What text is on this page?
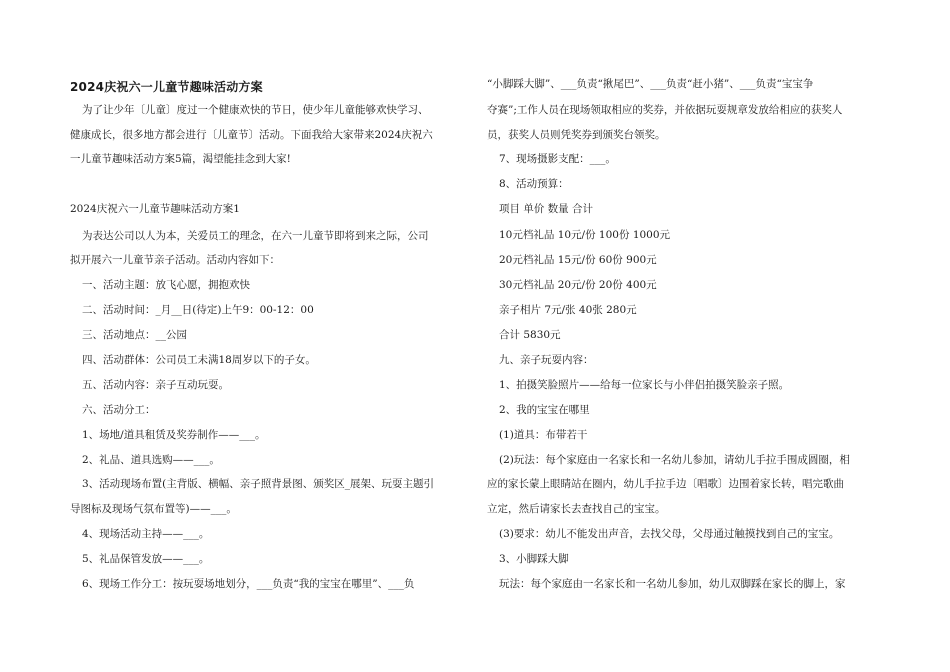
2024庆祝六一儿童节趣味活动方案
为了让少年〔儿童〕度过一个健康欢快的节日，使少年儿童能够欢快学习、
健康成长，很多地方都会进行〔儿童节〕活动。下面我给大家带来2024庆祝六
一儿童节趣味活动方案5篇，渴望能挂念到大家!
2024庆祝六一儿童节趣味活动方案1
为表达公司以人为本，关爱员工的理念，在六一儿童节即将到来之际，公司
拟开展六一儿童节亲子活动。活动内容如下：
一、活动主题：放飞心愿，拥抱欢快
二、活动时间：_月__日(待定)上午9：00-12：00
三、活动地点：__公园
四、活动群体：公司员工未满18周岁以下的子女。
五、活动内容：亲子互动玩耍。
六、活动分工：
1、场地/道具租赁及奖券制作——___。
2、礼品、道具选购——___。
3、活动现场布置(主背版、横幅、亲子照背景图、颁奖区_展架、玩耍主题引
导图标及现场气氛布置等)——___。
4、现场活动主持——___。
5、礼品保管发放——___。
6、现场工作分工：按玩耍场地划分，___负责“我的宝宝在哪里”、___负
“小脚踩大脚”、___负责“揪尾巴”、___负责“赶小猪”、___负责“宝宝争
夺赛”;工作人员在现场领取相应的奖券，并依据玩耍规章发放给相应的获奖人
员，获奖人员则凭奖券到颁奖台领奖。
7、现场摄影支配：___。
8、活动预算：
项目 单价 数量 合计
10元档礼品 10元/份 100份 1000元
20元档礼品 15元/份 60份 900元
30元档礼品 20元/份 20份 400元
亲子相片 7元/张 40张 280元
合计 5830元
九、亲子玩耍内容：
1、拍摄笑脸照片——给每一位家长与小伴侣拍摄笑脸亲子照。
2、我的宝宝在哪里
(1)道具：布带若干
(2)玩法：每个家庭由一名家长和一名幼儿参加，请幼儿手拉手围成圆圈，相
应的家长蒙上眼睛站在圈内，幼儿手拉手边〔唱歌〕边围着家长转，唱完歌曲
立定，然后请家长去查找自己的宝宝。
(3)要求：幼儿不能发出声音，去找父母，父母通过触摸找到自己的宝宝。
3、小脚踩大脚
玩法：每个家庭由一名家长和一名幼儿参加，幼儿双脚踩在家长的脚上，家
